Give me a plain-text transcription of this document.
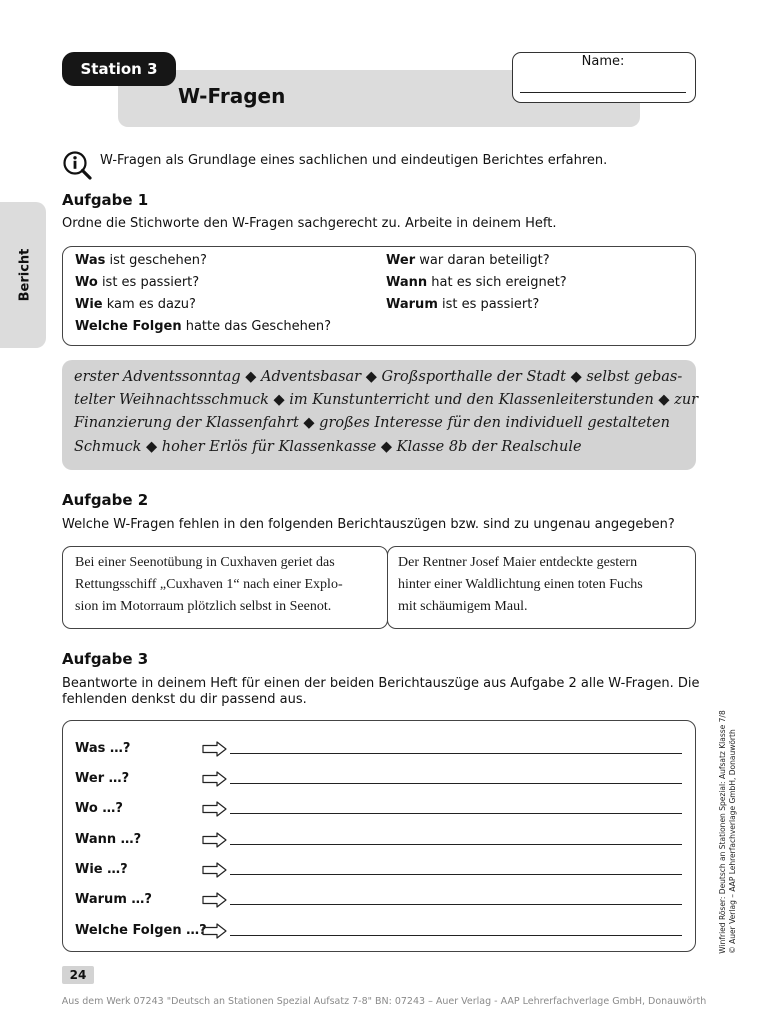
Station 3
W-Fragen
Name:
Bericht
W-Fragen als Grundlage eines sachlichen und eindeutigen Berichtes erfahren.
Aufgabe 1
Ordne die Stichworte den W-Fragen sachgerecht zu. Arbeite in deinem Heft.
Was ist geschehen?	Wer war daran beteiligt?
Wo ist es passiert?	Wann hat es sich ereignet?
Wie kam es dazu?	Warum ist es passiert?
Welche Folgen hatte das Geschehen?
erster Adventssonntag ◆ Adventsbasar ◆ Großsporthalle der Stadt ◆ selbst gebas-
telter Weihnachtsschmuck ◆ im Kunstunterricht und den Klassenleiterstunden ◆ zur
Finanzierung der Klassenfahrt ◆ großes Interesse für den individuell gestalteten
Schmuck ◆ hoher Erlös für Klassenkasse ◆ Klasse 8b der Realschule
Aufgabe 2
Welche W-Fragen fehlen in den folgenden Berichtauszügen bzw. sind zu ungenau angegeben?
Bei einer Seenotübung in Cuxhaven geriet das
Rettungsschiff „Cuxhaven 1“ nach einer Explo-
sion im Motorraum plötzlich selbst in Seenot.
Der Rentner Josef Maier entdeckte gestern
hinter einer Waldlichtung einen toten Fuchs
mit schäumigem Maul.
Aufgabe 3
Beantworte in deinem Heft für einen der beiden Berichtauszüge aus Aufgabe 2 alle W-Fragen. Die
fehlenden denkst du dir passend aus.
Was …?
Wer …?
Wo …?
Wann …?
Wie …?
Warum …?
Welche Folgen …?	Winfried Röser: Deutsch an Stationen Spezial: Aufsatz Klasse 7/8 © Auer Verlag – AAP Lehrerfachverlage GmbH, Donauwörth
24
Aus dem Werk 07243 "Deutsch an Stationen Spezial Aufsatz 7-8" BN: 07243 – Auer Verlag - AAP Lehrerfachverlage GmbH, Donauwörth
